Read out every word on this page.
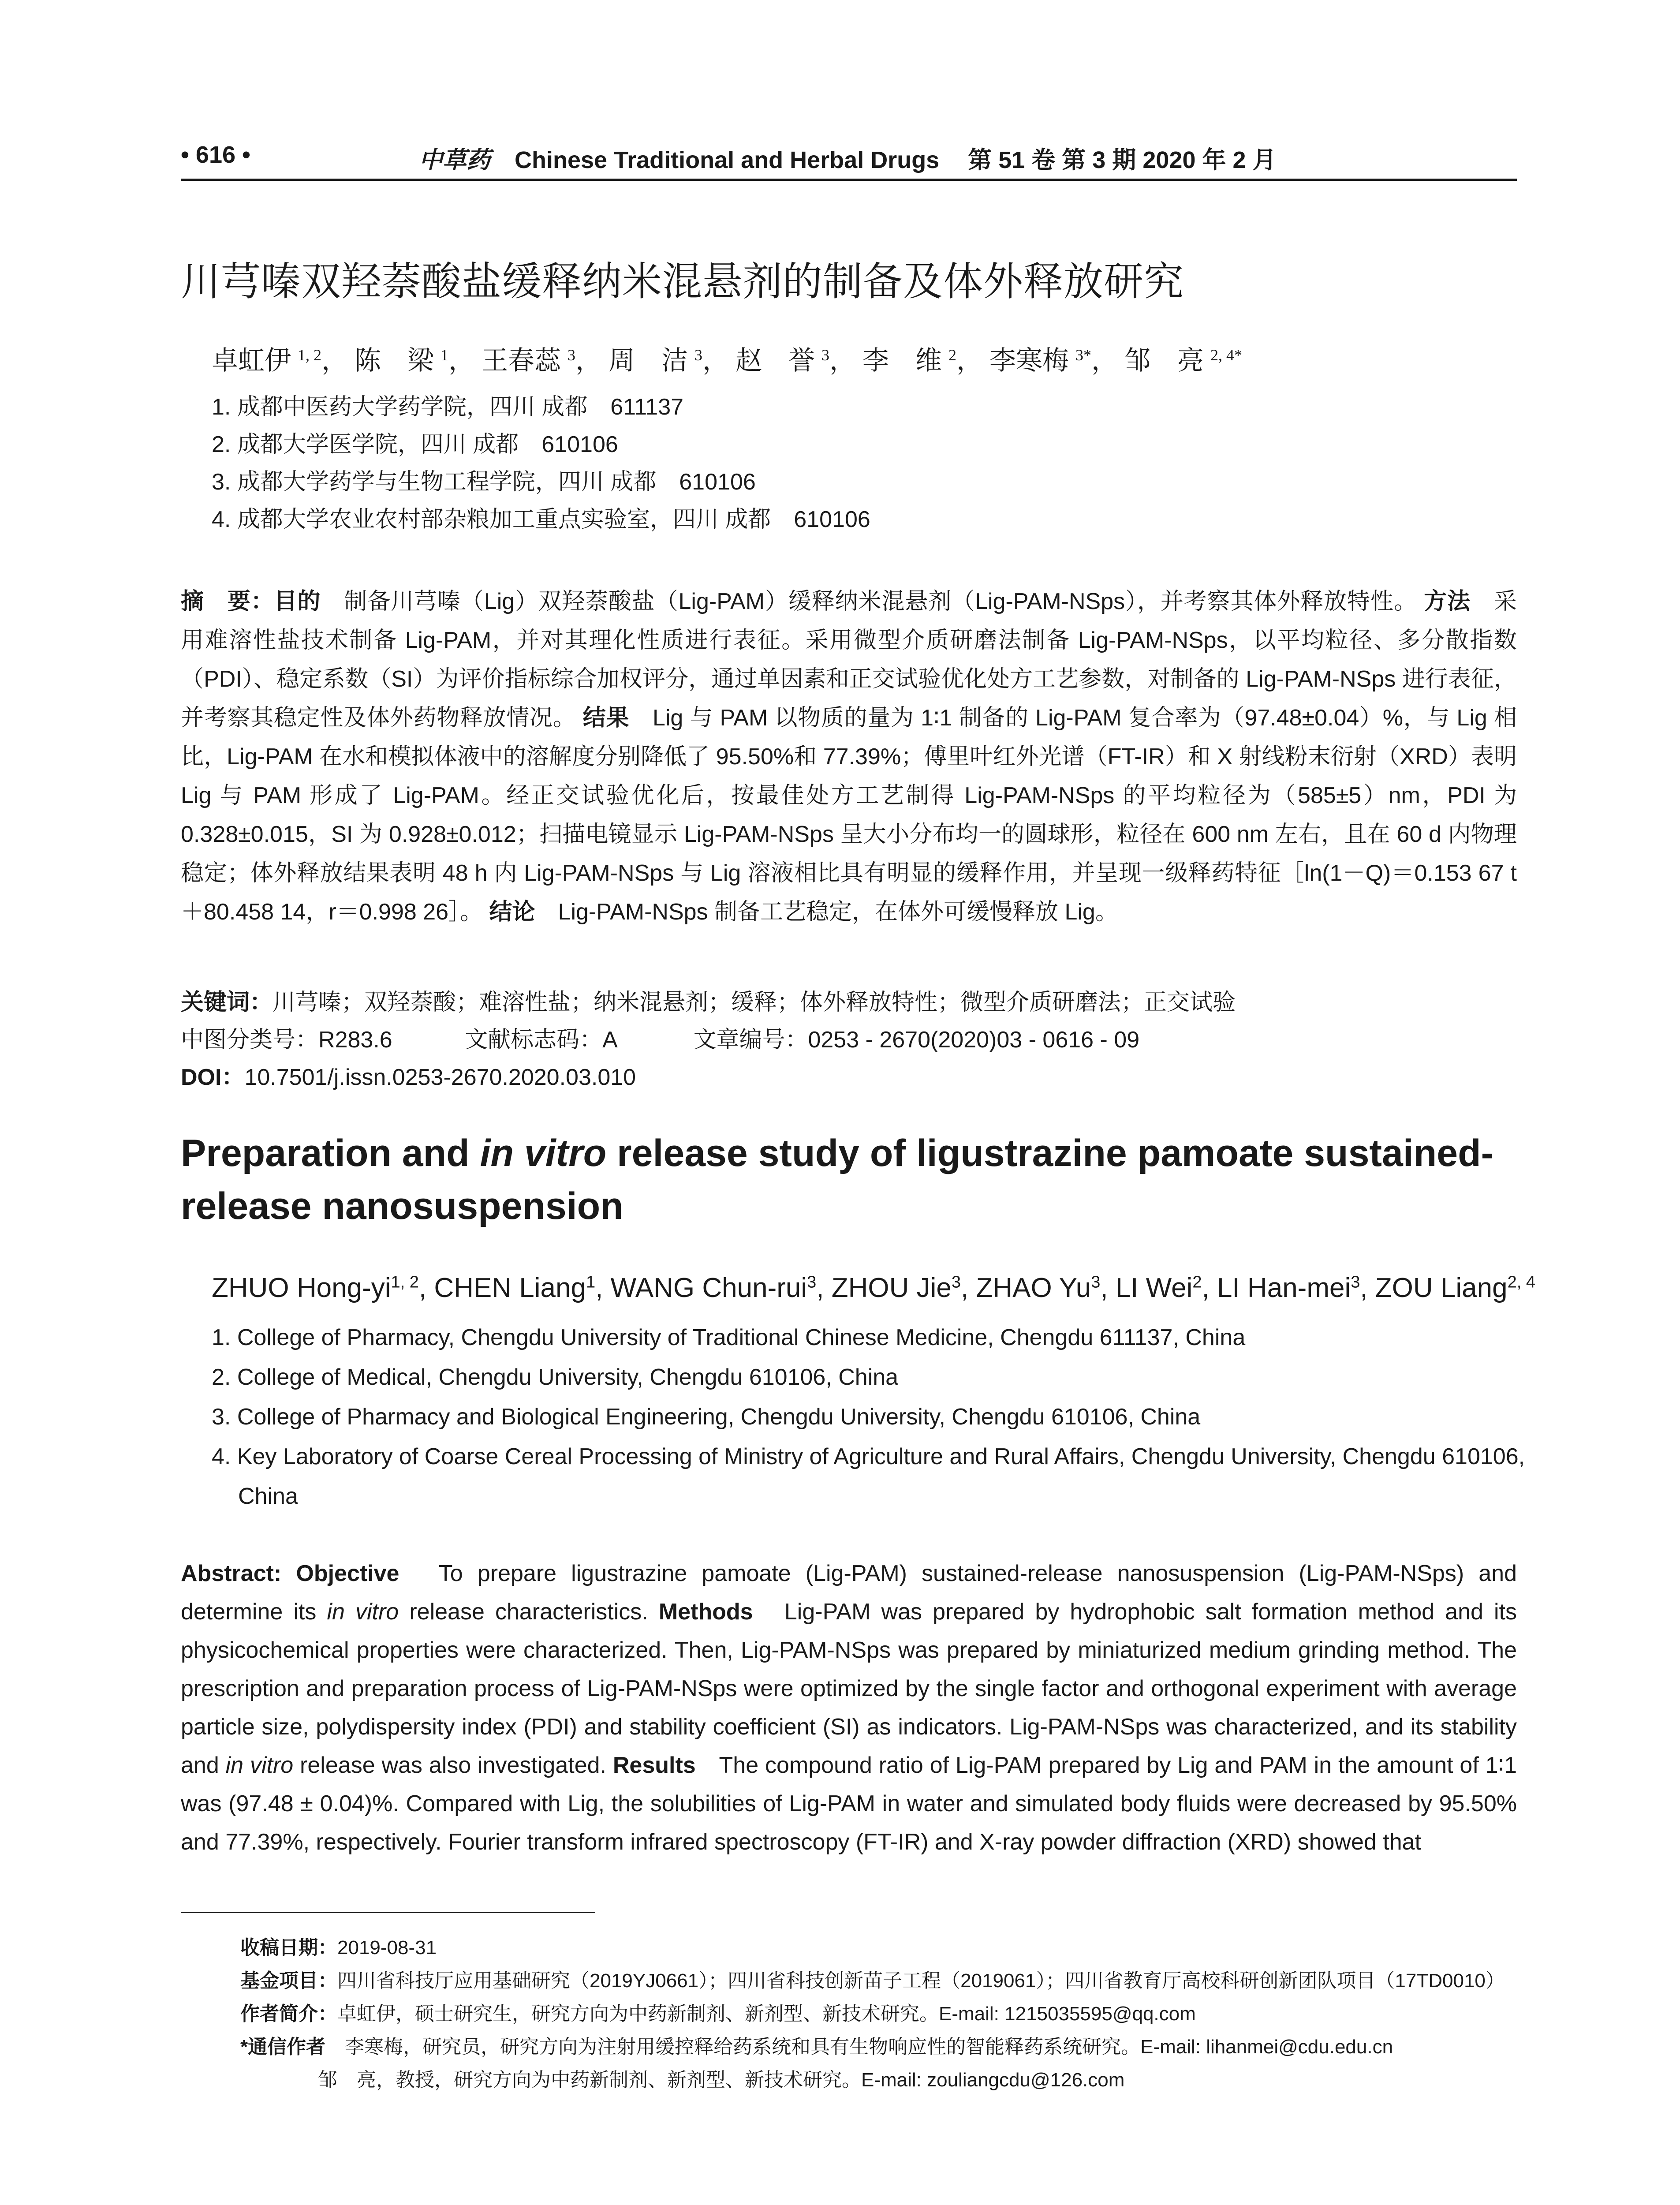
• 616 •	中草药 Chinese Traditional and Herbal Drugs 第 51 卷 第 3 期 2020 年 2 月
川芎嗪双羟萘酸盐缓释纳米混悬剂的制备及体外释放研究
卓虹伊 $^{1, 2}$， 陈　梁 $^1$， 王春蕊 $^3$， 周　洁 $^3$， 赵　誉 $^3$， 李　维 $^2$， 李寒梅 $^{3*}$， 邹　亮 $^{2, 4*}$
1. 成都中医药大学药学院，四川 成都　611137
2. 成都大学医学院，四川 成都　610106
3. 成都大学药学与生物工程学院，四川 成都　610106
4. 成都大学农业农村部杂粮加工重点实验室，四川 成都　610106
摘　要：目的　制备川芎嗪（Lig）双羟萘酸盐（Lig-PAM）缓释纳米混悬剂（Lig-PAM-NSps），并考察其体外释放特性。 方法　采用难溶性盐技术制备 Lig-PAM，并对其理化性质进行表征。采用微型介质研磨法制备 Lig-PAM-NSps，以平均粒径、多分散指数（PDI）、稳定系数（SI）为评价指标综合加权评分，通过单因素和正交试验优化处方工艺参数，对制备的 Lig-PAM-NSps 进行表征，并考察其稳定性及体外药物释放情况。 结果　Lig 与 PAM 以物质的量为 1∶1 制备的 Lig-PAM 复合率为（97.48±0.04）%，与 Lig 相比，Lig-PAM 在水和模拟体液中的溶解度分别降低了 95.50%和 77.39%；傅里叶红外光谱（FT-IR）和 X 射线粉末衍射（XRD）表明 Lig 与 PAM 形成了 Lig-PAM。经正交试验优化后，按最佳处方工艺制得 Lig-PAM-NSps 的平均粒径为（585±5）nm，PDI 为 0.328±0.015，SI 为 0.928±0.012；扫描电镜显示 Lig-PAM-NSps 呈大小分布均一的圆球形，粒径在 600 nm 左右，且在 60 d 内物理稳定；体外释放结果表明 48 h 内 Lig-PAM-NSps 与 Lig 溶液相比具有明显的缓释作用，并呈现一级释药特征［ln(1－Q)＝0.153 67 t＋80.458 14，r＝0.998 26］。 结论　Lig-PAM-NSps 制备工艺稳定，在体外可缓慢释放 Lig。
关键词：川芎嗪；双羟萘酸；难溶性盐；纳米混悬剂；缓释；体外释放特性；微型介质研磨法；正交试验
中图分类号：R283.6	文献标志码：A	文章编号：0253 - 2670(2020)03 - 0616 - 09
DOI：10.7501/j.issn.0253-2670.2020.03.010
Preparation and in vitro release study of ligustrazine pamoate sustained-release nanosuspension
ZHUO Hong-yi$^{1, 2}$, CHEN Liang$^1$, WANG Chun-rui$^3$, ZHOU Jie$^3$, ZHAO Yu$^3$, LI Wei$^2$, LI Han-mei$^3$, ZOU Liang$^{2, 4}$
1. College of Pharmacy, Chengdu University of Traditional Chinese Medicine, Chengdu 611137, China
2. College of Medical, Chengdu University, Chengdu 610106, China
3. College of Pharmacy and Biological Engineering, Chengdu University, Chengdu 610106, China
4. Key Laboratory of Coarse Cereal Processing of Ministry of Agriculture and Rural Affairs, Chengdu University, Chengdu 610106,
China
Abstract: Objective　To prepare ligustrazine pamoate (Lig-PAM) sustained-release nanosuspension (Lig-PAM-NSps) and determine its in vitro release characteristics. Methods　Lig-PAM was prepared by hydrophobic salt formation method and its physicochemical properties were characterized. Then, Lig-PAM-NSps was prepared by miniaturized medium grinding method. The prescription and preparation process of Lig-PAM-NSps were optimized by the single factor and orthogonal experiment with average particle size, polydispersity index (PDI) and stability coefficient (SI) as indicators. Lig-PAM-NSps was characterized, and its stability and in vitro release was also investigated. Results　The compound ratio of Lig-PAM prepared by Lig and PAM in the amount of 1∶1 was (97.48 ± 0.04)%. Compared with Lig, the solubilities of Lig-PAM in water and simulated body fluids were decreased by 95.50% and 77.39%, respectively. Fourier transform infrared spectroscopy (FT-IR) and X-ray powder diffraction (XRD) showed that
收稿日期：2019-08-31
基金项目：四川省科技厅应用基础研究（2019YJ0661）；四川省科技创新苗子工程（2019061）；四川省教育厅高校科研创新团队项目（17TD0010）
作者简介：卓虹伊，硕士研究生，研究方向为中药新制剂、新剂型、新技术研究。E-mail: 1215035595@qq.com
*通信作者　李寒梅，研究员，研究方向为注射用缓控释给药系统和具有生物响应性的智能释药系统研究。E-mail: lihanmei@cdu.edu.cn
　　　　邹　亮，教授，研究方向为中药新制剂、新剂型、新技术研究。E-mail: zouliangcdu@126.com
